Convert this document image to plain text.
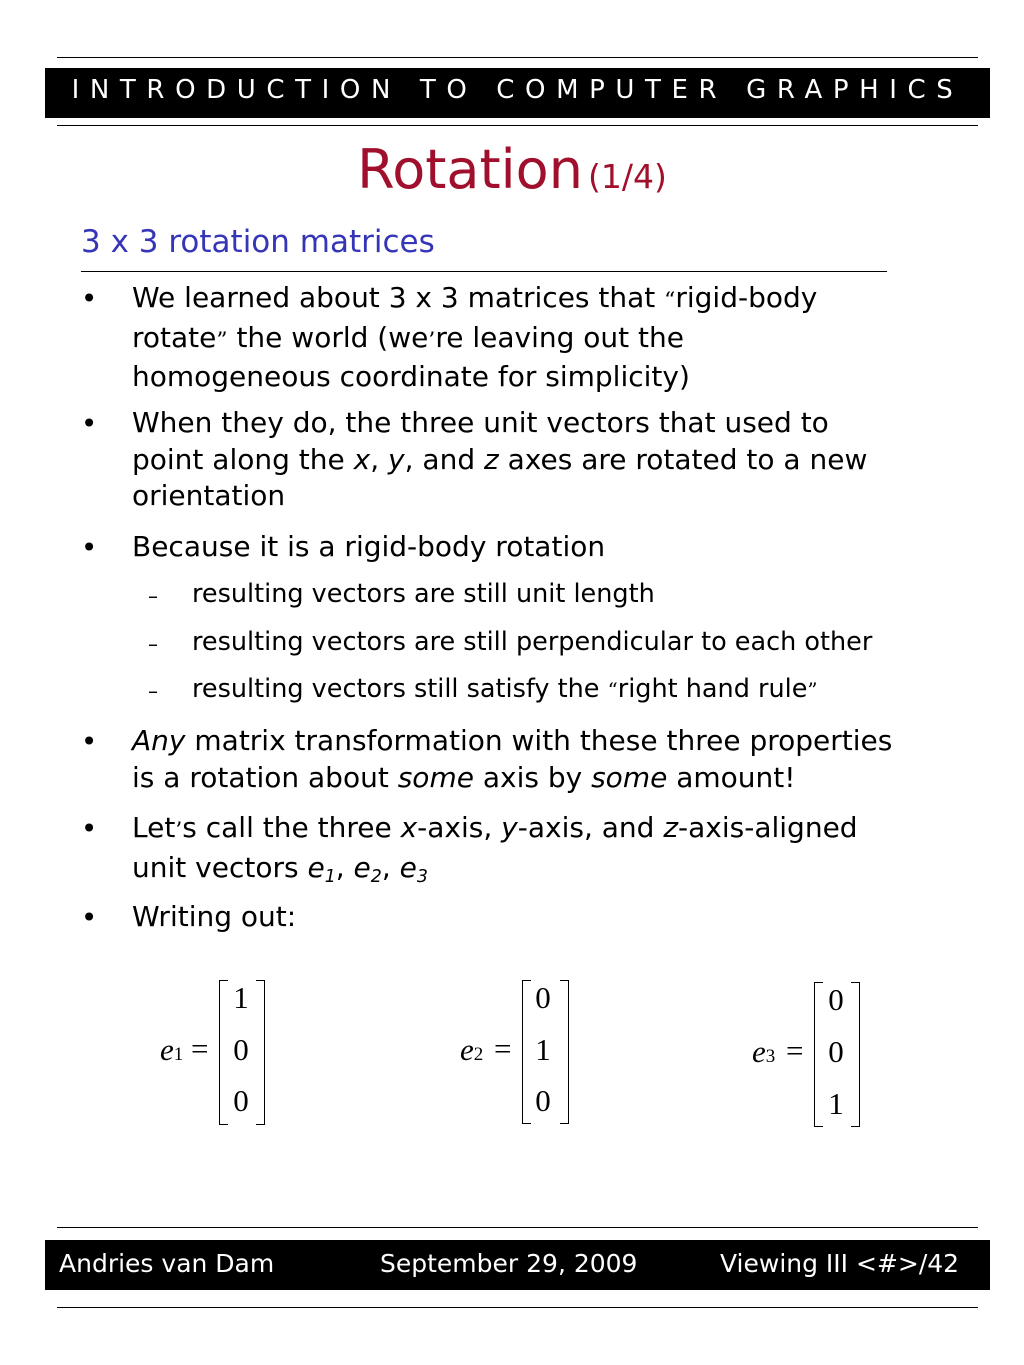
INTRODUCTION TO COMPUTER GRAPHICS
Rotation (1/4)
3 x 3 rotation matrices
• We learned about 3 x 3 matrices that “rigid-body
rotate” the world (we’re leaving out the
homogeneous coordinate for simplicity)
• When they do, the three unit vectors that used to
point along the x, y, and z axes are rotated to a new
orientation
• Because it is a rigid-body rotation
– resulting vectors are still unit length
– resulting vectors are still perpendicular to each other
– resulting vectors still satisfy the “right hand rule”
• Any matrix transformation with these three properties
is a rotation about some axis by some amount!
• Let’s call the three x-axis, y-axis, and z-axis-aligned
unit vectors $e_1$, $e_2$, $e_3$
• Writing out:
e1 =
1
0
0
e2 =
0
1
0
e3 =
0
0
1
Andries van Dam	September 29, 2009	Viewing III <#>/42
